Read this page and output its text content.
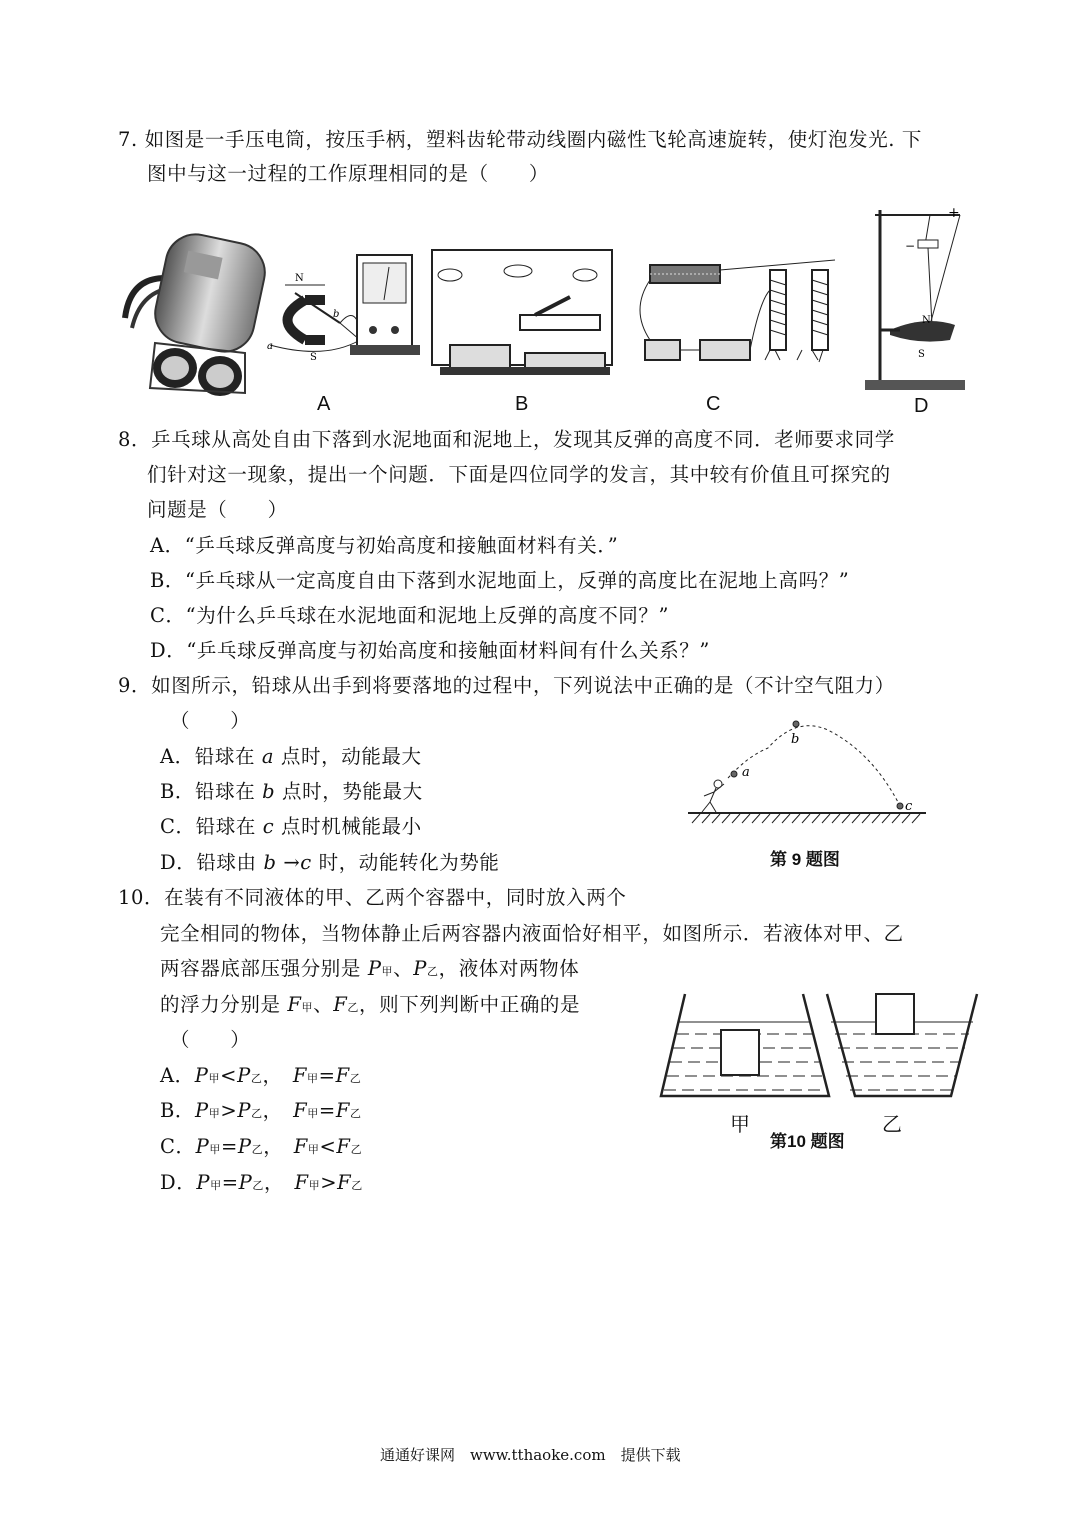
7. 如图是一手压电筒，按压手柄，塑料齿轮带动线圈内磁性飞轮高速旋转，使灯泡发光. 下
图中与这一过程的工作原理相同的是（　　）
N
b
a
S
A	B	C
+
−
N
S
D
8．乒乓球从高处自由下落到水泥地面和泥地上，发现其反弹的高度不同．老师要求同学
们针对这一现象，提出一个问题．下面是四位同学的发言，其中较有价值且可探究的
问题是（　　）
A．“乒乓球反弹高度与初始高度和接触面材料有关．”
B．“乒乓球从一定高度自由下落到水泥地面上，反弹的高度比在泥地上高吗？”
C．“为什么乒乓球在水泥地面和泥地上反弹的高度不同？”
D．“乒乓球反弹高度与初始高度和接触面材料间有什么关系？”
9．如图所示，铅球从出手到将要落地的过程中，下列说法中正确的是（不计空气阻力）
（　　）
A．铅球在 a 点时，动能最大
B．铅球在 b 点时，势能最大
C．铅球在 c 点时机械能最小
D．铅球由 b →c 时，动能转化为势能
a
b
c
第 9 题图
10．在装有不同液体的甲、乙两个容器中，同时放入两个
完全相同的物体，当物体静止后两容器内液面恰好相平，如图所示．若液体对甲、乙
两容器底部压强分别是 P甲、P乙，液体对两物体
的浮力分别是 F甲、F乙，则下列判断中正确的是
（　　）
A．P甲<P乙，　F甲=F乙
B．P甲>P乙，　F甲=F乙
C．P甲=P乙，　F甲<F乙
D．P甲=P乙，　F甲>F乙
甲	乙
第10 题图
通通好课网　www.tthaoke.com　提供下载
